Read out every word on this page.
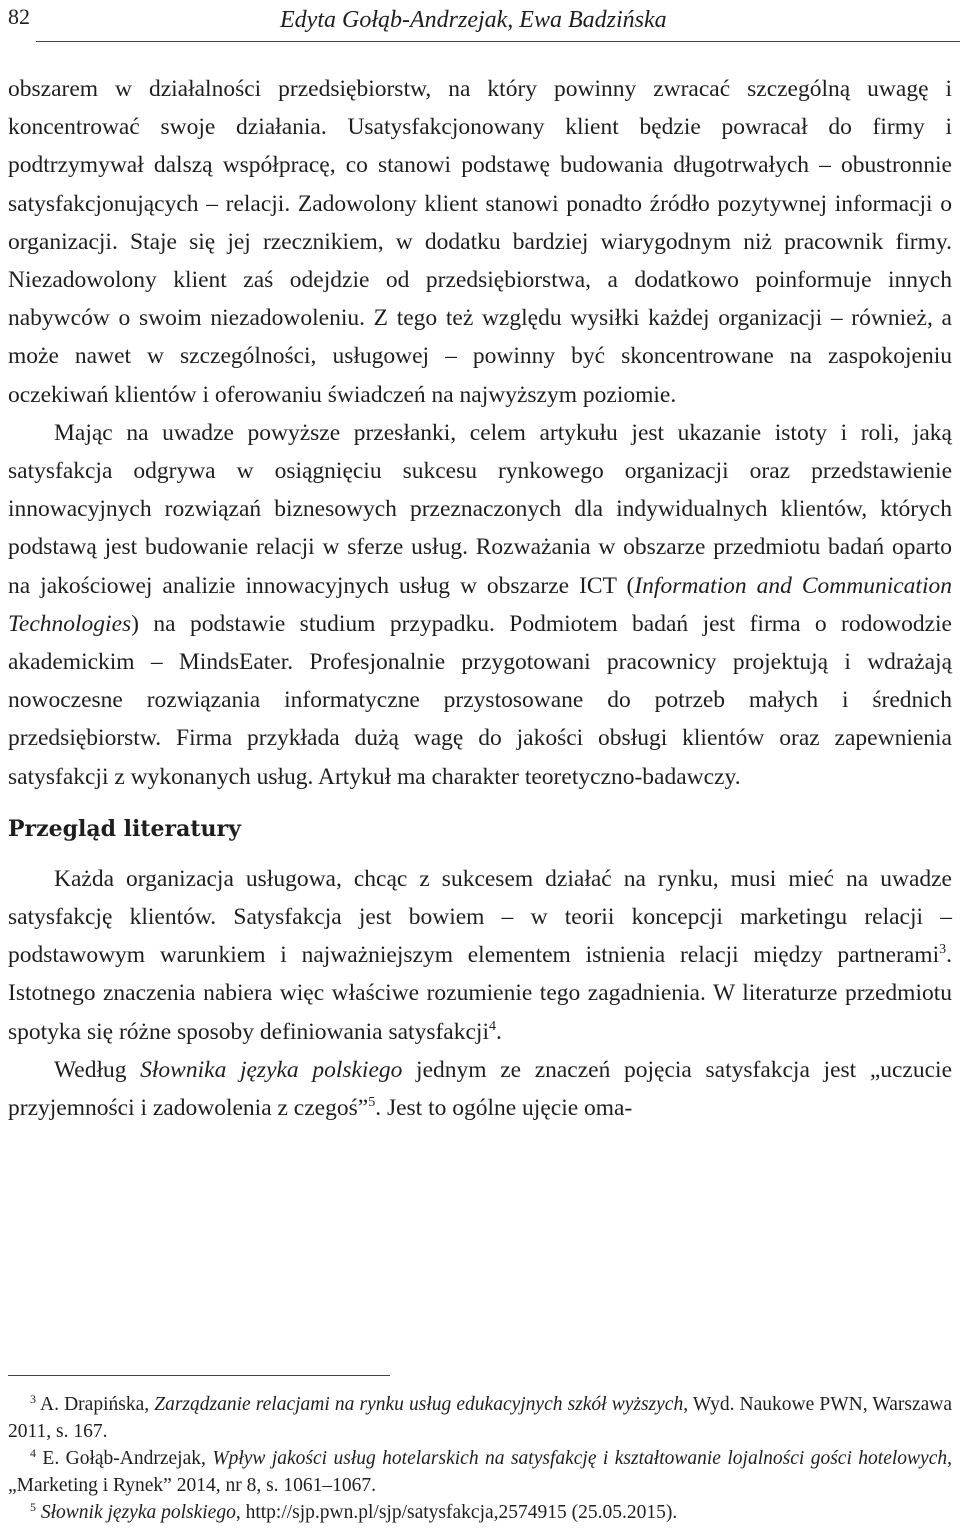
82	Edyta Gołąb-Andrzejak, Ewa Badzińska

obszarem w działalności przedsiębiorstw, na który powinny zwracać szczególną uwagę i koncentrować swoje działania. Usatysfakcjonowany klient będzie powracał do firmy i podtrzymywał dalszą współpracę, co stanowi podstawę budowania długotrwałych – obustronnie satysfakcjonujących – relacji. Zadowolony klient stanowi ponadto źródło pozytywnej informacji o organizacji. Staje się jej rzecznikiem, w dodatku bardziej wiarygodnym niż pracownik firmy. Niezadowolony klient zaś odejdzie od przedsiębiorstwa, a dodatkowo poinformuje innych nabywców o swoim niezadowoleniu. Z tego też względu wysiłki każdej organizacji – również, a może nawet w szczególności, usługowej – powinny być skoncentrowane na zaspokojeniu oczekiwań klientów i oferowaniu świadczeń na najwyższym poziomie.

Mając na uwadze powyższe przesłanki, celem artykułu jest ukazanie istoty i roli, jaką satysfakcja odgrywa w osiągnięciu sukcesu rynkowego organizacji oraz przedstawienie innowacyjnych rozwiązań biznesowych przeznaczonych dla indywidualnych klientów, których podstawą jest budowanie relacji w sferze usług. Rozważania w obszarze przedmiotu badań oparto na jakościowej analizie innowacyjnych usług w obszarze ICT (Information and Communication Technologies) na podstawie studium przypadku. Podmiotem badań jest firma o rodowodzie akademickim – MindsEater. Profesjonalnie przygotowani pracownicy projektują i wdrażają nowoczesne rozwiązania informatyczne przystosowane do potrzeb małych i średnich przedsiębiorstw. Firma przykłada dużą wagę do jakości obsługi klientów oraz zapewnienia satysfakcji z wykonanych usług. Artykuł ma charakter teoretyczno-badawczy.

Przegląd literatury

Każda organizacja usługowa, chcąc z sukcesem działać na rynku, musi mieć na uwadze satysfakcję klientów. Satysfakcja jest bowiem – w teorii koncepcji marketingu relacji –podstawowym warunkiem i najważniejszym elementem istnienia relacji między partnerami$^3$. Istotnego znaczenia nabiera więc właściwe rozumienie tego zagadnienia. W literaturze przedmiotu spotyka się różne sposoby definiowania satysfakcji$^4$.

Według Słownika języka polskiego jednym ze znaczeń pojęcia satysfakcja jest „uczucie przyjemności i zadowolenia z czegoś”$^5$. Jest to ogólne ujęcie oma-

$^3$ A. Drapińska, Zarządzanie relacjami na rynku usług edukacyjnych szkół wyższych, Wyd. Naukowe PWN, Warszawa 2011, s. 167.

$^4$ E. Gołąb-Andrzejak, Wpływ jakości usług hotelarskich na satysfakcję i kształtowanie lojalności gości hotelowych, „Marketing i Rynek” 2014, nr 8, s. 1061–1067.

$^5$ Słownik języka polskiego, http://sjp.pwn.pl/sjp/satysfakcja,2574915 (25.05.2015).
